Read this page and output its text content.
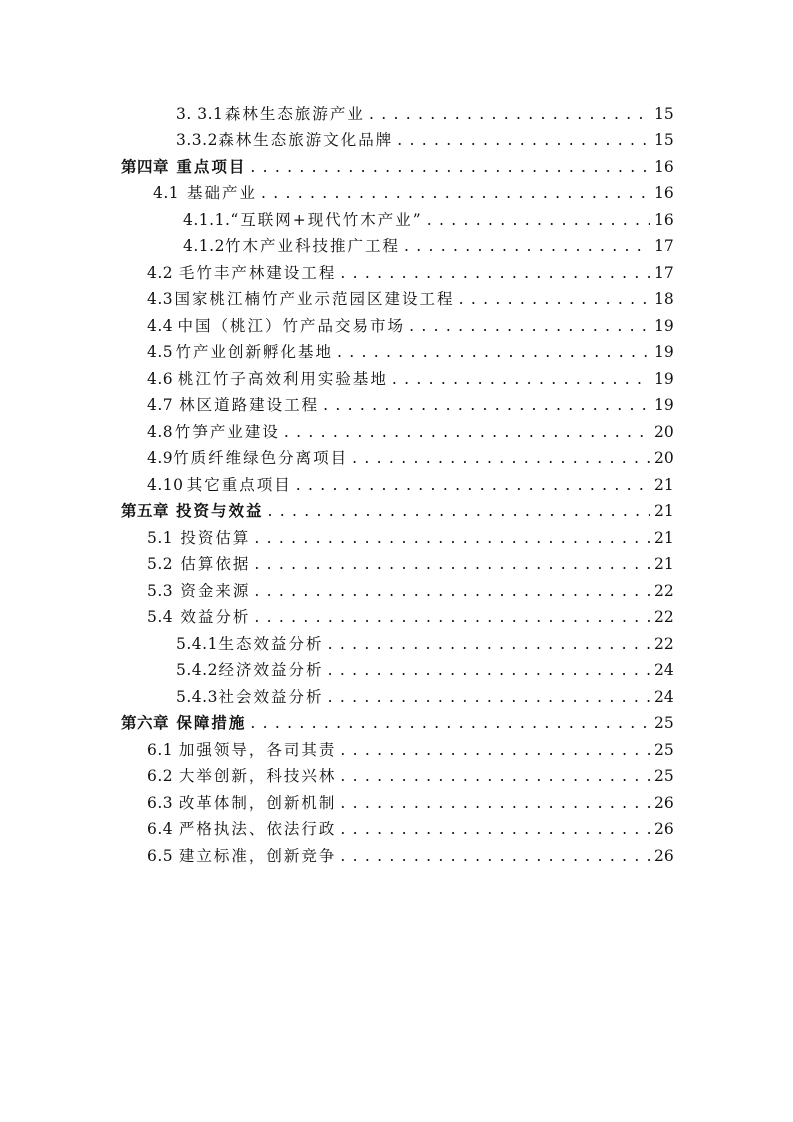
3. 3.1 森林生态旅游产业 . . .	15
3.3.2 森林生态旅游文化品牌 . . .	15
第四章 重点项目 . . .	16
4.1 基础产业 . . .	16
4.1.1. “互联网+现代竹木产业” . . .	16
4.1.2 竹木产业科技推广工程 . . .	17
4.2 毛竹丰产林建设工程 . . .	17
4.3 国家桃江楠竹产业示范园区建设工程 . . .	18
4.4 中国（桃江）竹产品交易市场 . . .	19
4.5 竹产业创新孵化基地 . . .	19
4.6 桃江竹子高效利用实验基地 . . .	19
4.7 林区道路建设工程 . . .	19
4.8 竹笋产业建设 . . .	20
4.9 竹质纤维绿色分离项目 . . .	20
4.10 其它重点项目 . . .	21
第五章 投资与效益 . . .	21
5.1 投资估算 . . .	21
5.2 估算依据 . . .	21
5.3 资金来源 . . .	22
5.4 效益分析 . . .	22
5.4.1 生态效益分析 . . .	22
5.4.2 经济效益分析 . . .	24
5.4.3 社会效益分析 . . .	24
第六章 保障措施 . . .	25
6.1 加强领导，各司其责 . . .	25
6.2 大举创新，科技兴林 . . .	25
6.3 改革体制，创新机制 . . .	26
6.4 严格执法、依法行政 . . .	26
6.5 建立标准，创新竞争 . . .	26
